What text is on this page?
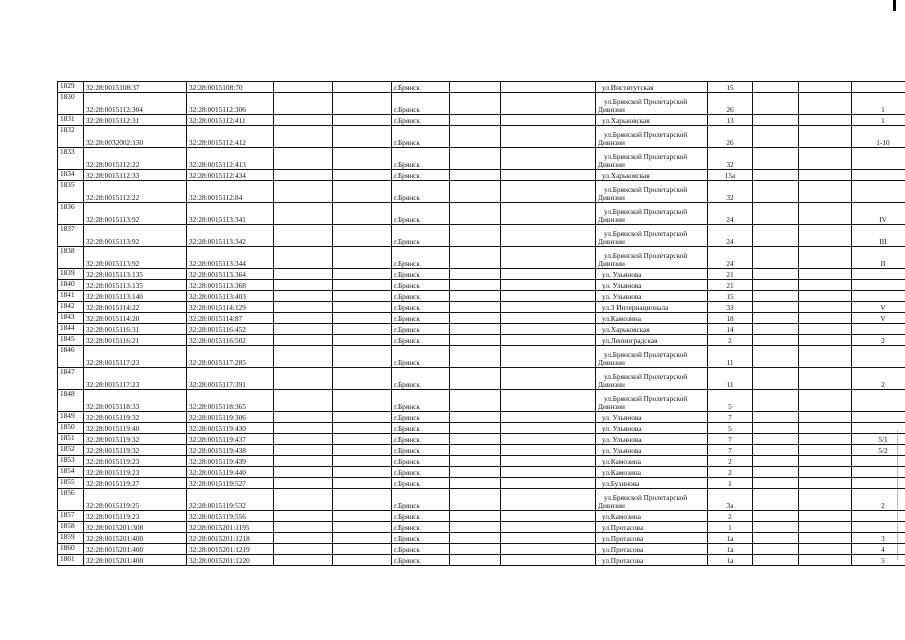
1829	32:28:0015108:37	32:28:0015108:70			г.Брянск			ул.Институтская	15			
1830	32:28:0015112:304	32:28:0015112:306			г.Брянск			ул.Брянской Пролетарской
Дивизии	26			1
1831	32:28:0015112:31	32:28:0015112:411			г.Брянск			ул.Харьковская	13			1
1832	32:28:0032002:130	32:28:0015112:412			г.Брянск			ул.Брянской Пролетарской
Дивизии	26			1-10
1833	32:28:0015112:22	32:28:0015112:413			г.Брянск			ул.Брянской Пролетарской
Дивизии	32			
1834	32:28:0015112:33	32:28:0015112:434			г.Брянск			ул.Харьковская	15а			
1835	32:28:0015112:22	32:28:0015112:84			г.Брянск			ул.Брянской Пролетарской
Дивизии	32			
1836	32:28:0015113:92	32:28:0015113:341			г.Брянск			ул.Брянской Пролетарской
Дивизии	24			IV
1837	32:28:0015113:92	32:28:0015113:342			г.Брянск			ул.Брянской Пролетарской
Дивизии	24			III
1838	32:28:0015113:92	32:28:0015113:344			г.Брянск			ул.Брянской Пролетарской
Дивизии	24			II
1839	32:28:0015113:135	32:28:0015113:364			г.Брянск			ул. Ульянова	21			
1840	32:28:0015113:135	32:28:0015113:368			г.Брянск			ул. Ульянова	21			
1841	32:28:0015113:140	32:28:0015113:403			г.Брянск			ул. Ульянова	15			
1842	32:28:0015114:22	32:28:0015114:129			г.Брянск			ул.3 Интернационала	33			V
1843	32:28:0015114:20	32:28:0015114:87			г.Брянск			ул.Камозина	18			V
1844	32:28:0015116:31	32:28:0015116:452			г.Брянск			ул.Харьковская	14			
1845	32:28:0015116:21	32:28:0015116:502			г.Брянск			ул.Ленинградская	2			2
1846	32:28:0015117:23	32:28:0015117:285			г.Брянск			ул.Брянской Пролетарской
Дивизии	11			
1847	32:28:0015117:23	32:28:0015117:391			г.Брянск			ул.Брянской Пролетарской
Дивизии	11			2
1848	32:28:0015118:33	32:28:0015118:365			г.Брянск			ул.Брянской Пролетарской
Дивизии	5			
1849	32:28:0015119:32	32:28:0015119:306			г.Брянск			ул. Ульянова	7			
1850	32:28:0015119:40	32:28:0015119:430			г.Брянск			ул. Ульянова	5			
1851	32:28:0015119:32	32:28:0015119:437			г.Брянск			ул. Ульянова	7			5/1
1852	32:28:0015119:32	32:28:0015119:438			г.Брянск			ул. Ульянова	7			5/2
1853	32:28:0015119:23	32:28:0015119:439			г.Брянск			ул.Камозина	2			
1854	32:28:0015119:23	32:28:0015119:440			г.Брянск			ул.Камозина	2			
1855	32:28:0015119:27	32:28:0015119:527			г.Брянск			ул.Бузинова	1			
1856	32:28:0015119:25	32:28:0015119:532			г.Брянск			ул.Брянской Пролетарской
Дивизии	3а			2
1857	32:28:0015119:23	32:28:0015119:556			г.Брянск			ул.Камозина	2			
1858	32:28:0015201:308	32:28:0015201:1195			г.Брянск			ул.Протасова	1			
1859	32:28:0015201:400	32:28:0015201:1218			г.Брянск			ул.Протасова	1а			3
1860	32:28:0015201:400	32:28:0015201:1219			г.Брянск			ул.Протасова	1а			4
1861	32:28:0015201:400	32:28:0015201:1220			г.Брянск			ул.Протасова	1а			5
